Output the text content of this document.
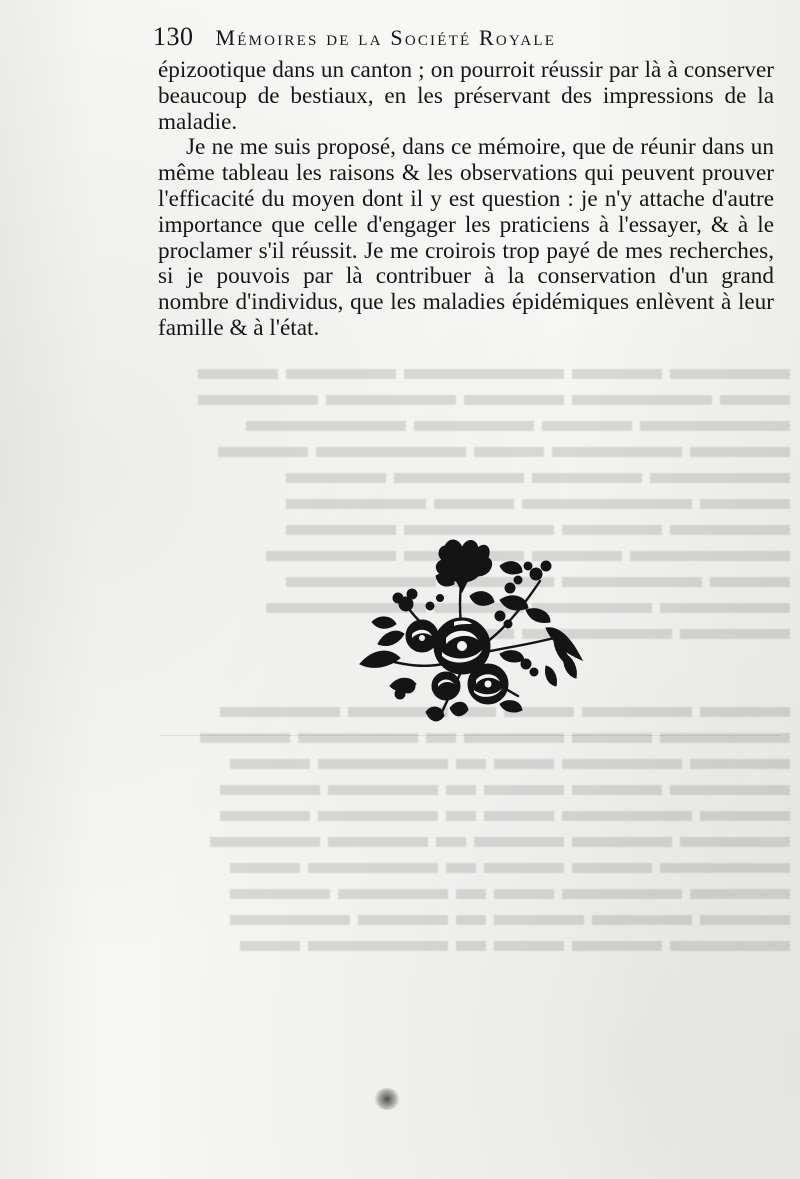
130 Mémoires de la Société Royale

épizootique dans un canton ; on pourroit réussir par là à conserver beaucoup de bestiaux, en les préservant des impressions de la maladie.

Je ne me suis proposé, dans ce mémoire, que de réunir dans un même tableau les raisons & les observations qui peuvent prouver l'efficacité du moyen dont il y est question : je n'y attache d'autre importance que celle d'engager les praticiens à l'essayer, & à le proclamer s'il réussit. Je me croirois trop payé de mes recherches, si je pouvois par là contribuer à la conservation d'un grand nombre d'individus, que les maladies épidémiques enlèvent à leur famille & à l'état.
